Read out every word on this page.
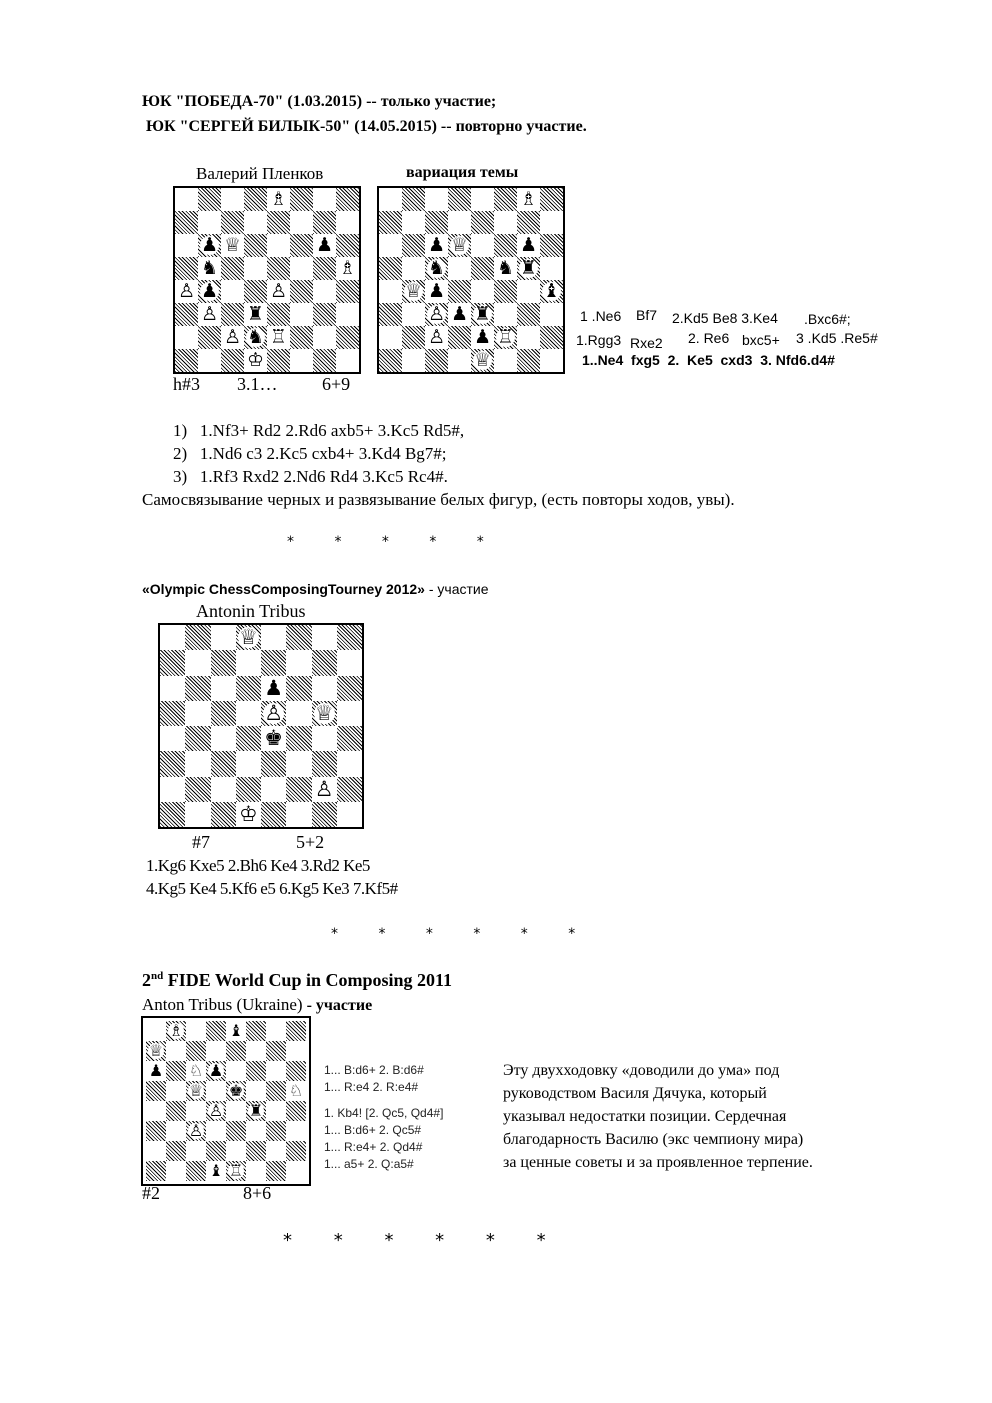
ЮК "ПОБЕДА-70" (1.03.2015) -- только участие;
ЮК "СЕРГЕЙ БИЛЫК-50" (14.05.2015) -- повторно участие.
Валерий Пленков	вариация темы
♗
♟ ♕	♟
♞	♗
♙ ♟	♙
♙ ♜
♙ ♞ ♖
♔
♗
♟ ♕	♟
♞	♞ ♜
♕ ♟	♝
♙ ♟ ♜
♙ ♟ ♖
♕
h#3 3.1… 6+9
1 .Ne6 Bf7 2.Kd5 Be8 3.Ke4 .Bxc6#;
1.Rgg3 Rxe2 2. Re6 bxc5+ 3 .Kd5 .Re5#
1..Ne4  fxg5  2.  Ke5  cxd3  3. Nfd6.d4#
1)   1.Nf3+ Rd2 2.Rd6 axb5+ 3.Kc5 Rd5#,
2)   1.Nd6 c3 2.Kc5 cxb4+ 3.Kd4 Bg7#;
3)   1.Rf3 Rxd2 2.Nd6 Rd4 3.Kc5 Rc4#.
Самосвязывание черных и развязывание белых фигур, (есть повторы ходов, увы).
* * * * *
«Olympic ChessComposingTourney 2012» - участие
Antonin Tribus
♕
♟
♙ ♕
♚
♙
♔
#7	5+2
1.Kg6 Kxe5 2.Bh6 Ke4 3.Rd2 Ke5
4.Kg5 Ke4 5.Kf6 e5 6.Kg5 Ke3 7.Kf5#
* * * * * *
2nd FIDE World Cup in Composing 2011
Anton Tribus (Ukraine) - участие
♗	♝
♕
♟ ♘ ♟
♕ ♚	♘
♙ ♜
♙
♝ ♖
#2	8+6
1... B:d6+ 2. B:d6#
1... R:e4 2. R:e4#
1. Kb4! [2. Qc5, Qd4#]
1... B:d6+ 2. Qc5#
1... R:e4+ 2. Qd4#
1... a5+ 2. Q:a5#
Эту двухходовку «доводили до ума» под
руководством Василя Дячука, который
указывал недостатки позиции. Сердечная
благодарность Василю (экс чемпиону мира)
за ценные советы и за проявленное терпение.
* * * * * *
